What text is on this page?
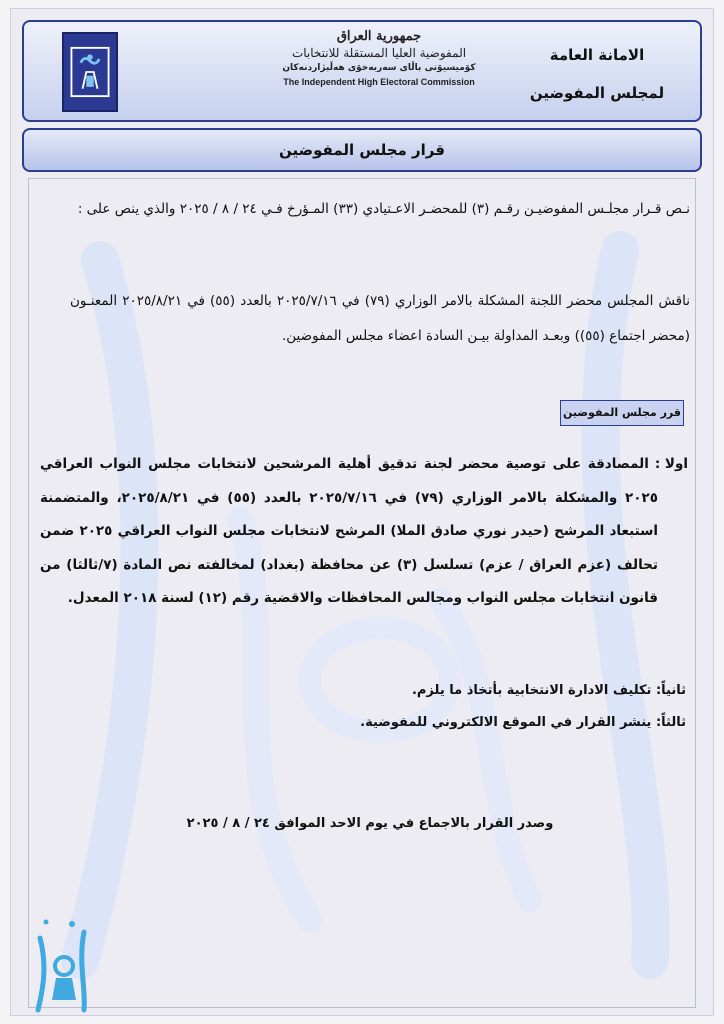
جمهورية العراق
المفوضية العليا المستقلة للانتخابات
کۆمیسیۆنی باڵای سەربەخۆی هەڵبژاردنەکان
The Independent High Electoral Commission
الامانة العامة
لمجلس المفوضين
قرار مجلس المفوضين
نـص قـرار مجلـس المفوضيـن رقـم (٣) للمحضـر الاعـتيادي (٣٣) المـؤرخ فـي ٢٤ / ٨ / ٢٠٢٥ والذي ينص على :
ناقش المجلس محضر اللجنة المشكلة بالامر الوزاري (٧٩) في ٢٠٢٥/٧/١٦ بالعدد (٥٥) في ٢٠٢٥/٨/٢١ المعنـون (محضر اجتماع (٥٥)) وبعـد المداولة بيـن السادة اعضاء مجلس المفوضين.
قرر مجلس المفوضين
اولا :
المصادقة على توصية محضر لجنة تدقيق أهلية المرشحين لانتخابات مجلس النواب العراقي ٢٠٢٥ والمشكلة بالامر الوزاري (٧٩) في ٢٠٢٥/٧/١٦ بالعدد (٥٥) في ٢٠٢٥/٨/٢١، والمتضمنة استبعاد المرشح (حيدر نوري صادق الملا) المرشح لانتخابات مجلس النواب العراقي ٢٠٢٥ ضمن تحالف (عزم العراق / عزم) تسلسل (٣) عن محافظة (بغداد) لمخالفته نص المادة (٧/ثالثا) من قانون انتخابات مجلس النواب ومجالس المحافظات والاقضية رقم (١٢) لسنة ٢٠١٨ المعدل.
ثانياً: تكليف الادارة الانتخابية بأتخاذ ما يلزم.
ثالثاً: ينشر القرار في الموقع الالكتروني للمفوضية.
وصدر القرار بالاجماع في يوم الاحد الموافق ٢٤ / ٨ / ٢٠٢٥
